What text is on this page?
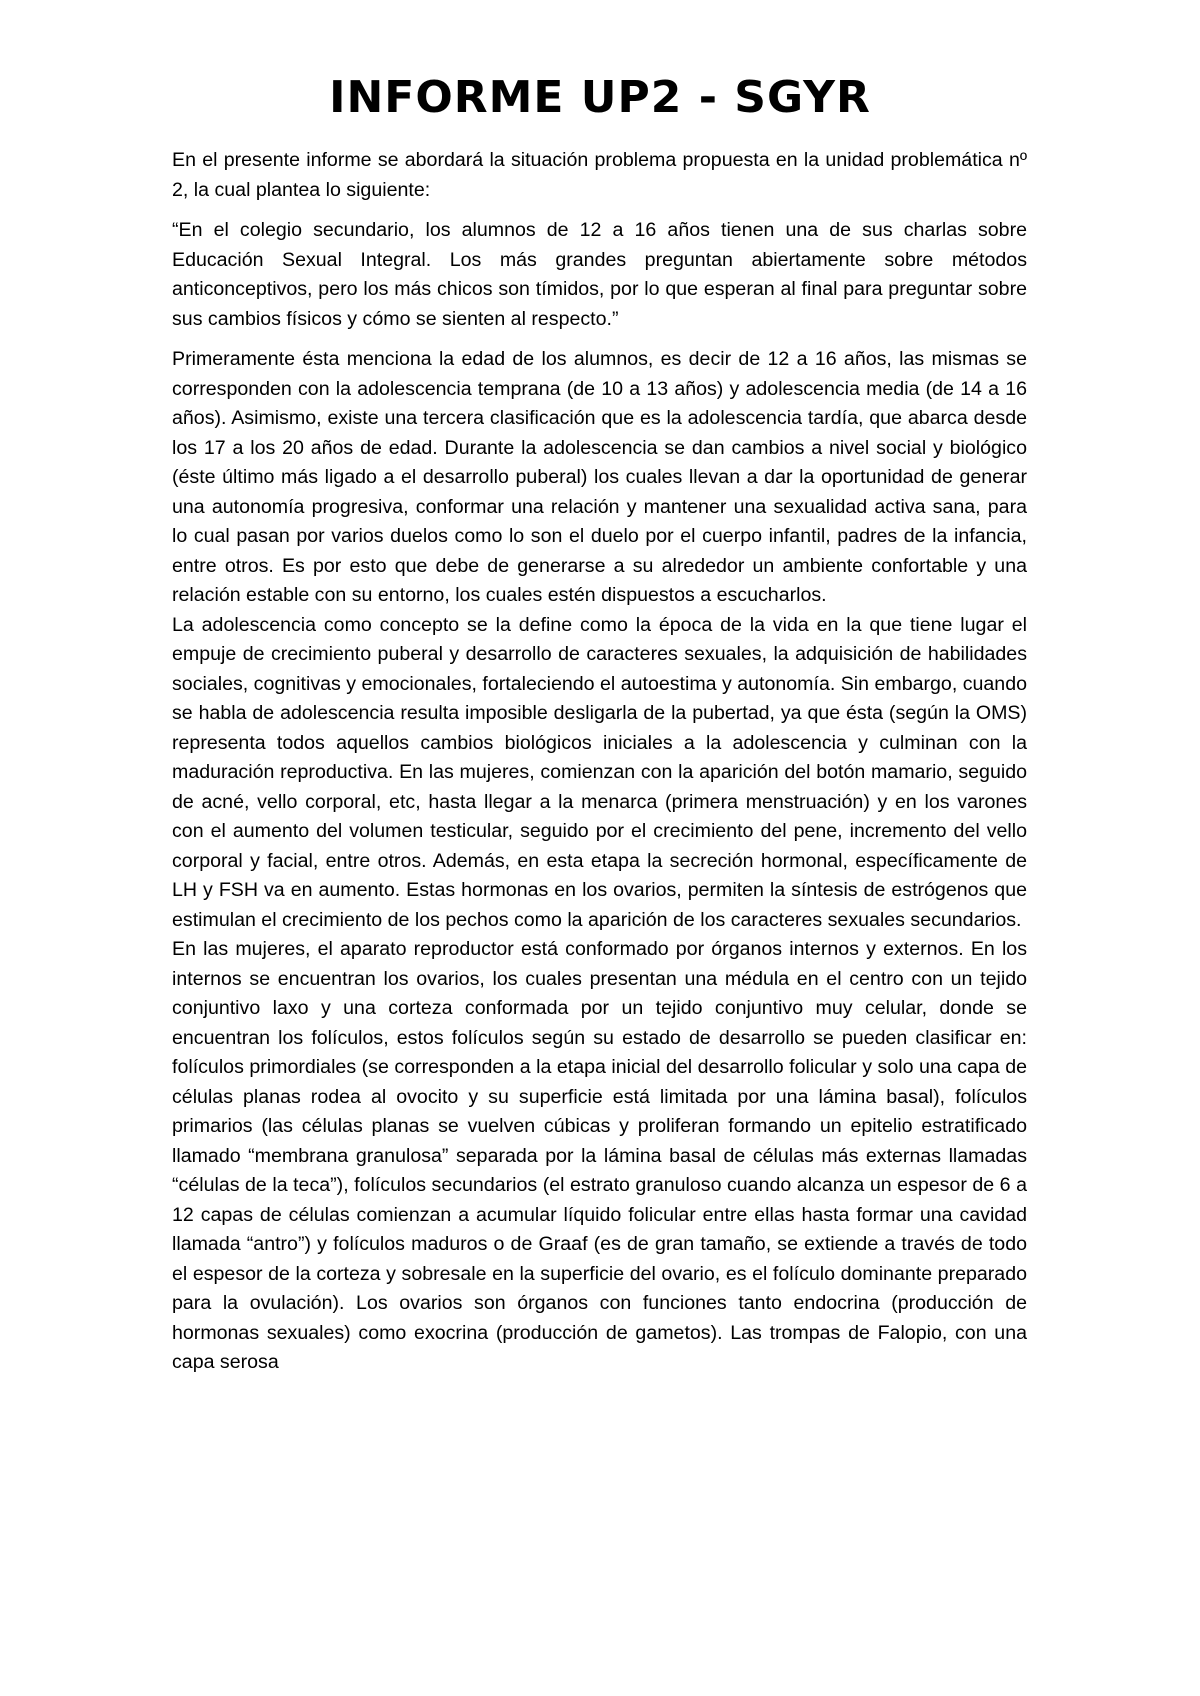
INFORME UP2 - SGYR

En el presente informe se abordará la situación problema propuesta en la unidad problemática nº 2, la cual plantea lo siguiente:

“En el colegio secundario, los alumnos de 12 a 16 años tienen una de sus charlas sobre Educación Sexual Integral. Los más grandes preguntan abiertamente sobre métodos anticonceptivos, pero los más chicos son tímidos, por lo que esperan al final para preguntar sobre sus cambios físicos y cómo se sienten al respecto.”

Primeramente ésta menciona la edad de los alumnos, es decir de 12 a 16 años, las mismas se corresponden con la adolescencia temprana (de 10 a 13 años) y adolescencia media (de 14 a 16 años). Asimismo, existe una tercera clasificación que es la adolescencia tardía, que abarca desde los 17 a los 20 años de edad. Durante la adolescencia se dan cambios a nivel social y biológico (éste último más ligado a el desarrollo puberal) los cuales llevan a dar la oportunidad de generar una autonomía progresiva, conformar una relación y mantener una sexualidad activa sana, para lo cual pasan por varios duelos como lo son el duelo por el cuerpo infantil, padres de la infancia, entre otros. Es por esto que debe de generarse a su alrededor un ambiente confortable y una relación estable con su entorno, los cuales estén dispuestos a escucharlos.

La adolescencia como concepto se la define como la época de la vida en la que tiene lugar el empuje de crecimiento puberal y desarrollo de caracteres sexuales, la adquisición de habilidades sociales, cognitivas y emocionales, fortaleciendo el autoestima y autonomía. Sin embargo, cuando se habla de adolescencia resulta imposible desligarla de la pubertad, ya que ésta (según la OMS) representa todos aquellos cambios biológicos iniciales a la adolescencia y culminan con la maduración reproductiva. En las mujeres, comienzan con la aparición del botón mamario, seguido de acné, vello corporal, etc, hasta llegar a la menarca (primera menstruación) y en los varones con el aumento del volumen testicular, seguido por el crecimiento del pene, incremento del vello corporal y facial, entre otros. Además, en esta etapa la secreción hormonal, específicamente de LH y FSH va en aumento. Estas hormonas en los ovarios, permiten la síntesis de estrógenos que estimulan el crecimiento de los pechos como la aparición de los caracteres sexuales secundarios.

En las mujeres, el aparato reproductor está conformado por órganos internos y externos. En los internos se encuentran los ovarios, los cuales presentan una médula en el centro con un tejido conjuntivo laxo y una corteza conformada por un tejido conjuntivo muy celular, donde se encuentran los folículos, estos folículos según su estado de desarrollo se pueden clasificar en: folículos primordiales (se corresponden a la etapa inicial del desarrollo folicular y solo una capa de células planas rodea al ovocito y su superficie está limitada por una lámina basal), folículos primarios (las células planas se vuelven cúbicas y proliferan formando un epitelio estratificado llamado “membrana granulosa” separada por la lámina basal de células más externas llamadas “células de la teca”), folículos secundarios (el estrato granuloso cuando alcanza un espesor de 6 a 12 capas de células comienzan a acumular líquido folicular entre ellas hasta formar una cavidad llamada “antro”) y folículos maduros o de Graaf (es de gran tamaño, se extiende a través de todo el espesor de la corteza y sobresale en la superficie del ovario, es el folículo dominante preparado para la ovulación). Los ovarios son órganos con funciones tanto endocrina (producción de hormonas sexuales) como exocrina (producción de gametos). Las trompas de Falopio, con una capa serosa
